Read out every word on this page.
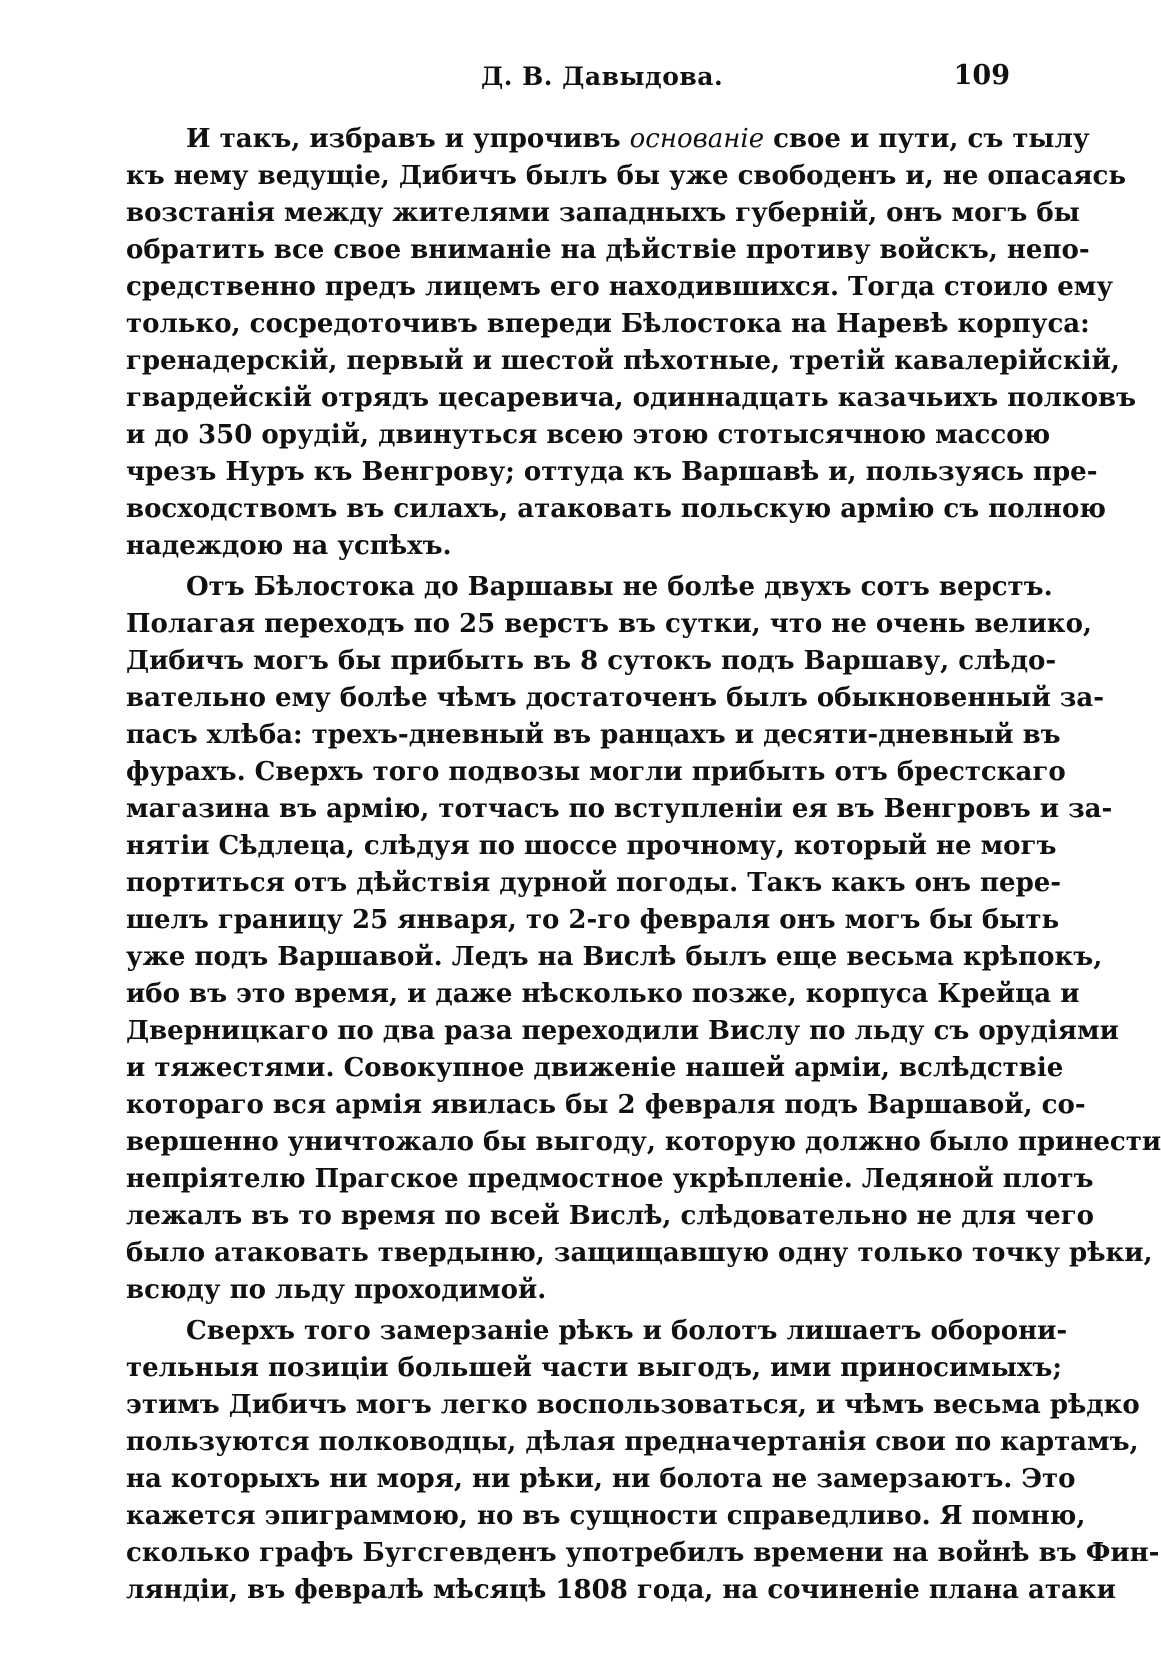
Д. В. Давыдова.	109

И такъ, избравъ и упрочивъ основаніе свое и пути, съ тылу
къ нему ведущіе, Дибичъ былъ бы уже свободенъ и, не опасаясь
возстанія между жителями западныхъ губерній, онъ могъ бы
обратить все свое вниманіе на дѣйствіе противу войскъ, непо-
средственно предъ лицемъ его находившихся. Тогда стоило ему
только, сосредоточивъ впереди Бѣлостока на Наревѣ корпуса:
гренадерскій, первый и шестой пѣхотные, третій кавалерійскій,
гвардейскій отрядъ цесаревича, одиннадцать казачьихъ полковъ
и до 350 орудій, двинуться всею этою стотысячною массою
чрезъ Нуръ къ Венгрову; оттуда къ Варшавѣ и, пользуясь пре-
восходствомъ въ силахъ, атаковать польскую армію съ полною
надеждою на успѣхъ.

Отъ Бѣлостока до Варшавы не болѣе двухъ сотъ верстъ.
Полагая переходъ по 25 верстъ въ сутки, что не очень велико,
Дибичъ могъ бы прибыть въ 8 сутокъ подъ Варшаву, слѣдо-
вательно ему болѣе чѣмъ достаточенъ былъ обыкновенный за-
пасъ хлѣба: трехъ-дневный въ ранцахъ и десяти-дневный въ
фурахъ. Сверхъ того подвозы могли прибыть отъ брестскаго
магазина въ армію, тотчасъ по вступленіи ея въ Венгровъ и за-
нятіи Сѣдлеца, слѣдуя по шоссе прочному, который не могъ
портиться отъ дѣйствія дурной погоды. Такъ какъ онъ пере-
шелъ границу 25 января, то 2-го февраля онъ могъ бы быть
уже подъ Варшавой. Ледъ на Вислѣ былъ еще весьма крѣпокъ,
ибо въ это время, и даже нѣсколько позже, корпуса Крейца и
Дверницкаго по два раза переходили Вислу по льду съ орудіями
и тяжестями. Совокупное движеніе нашей арміи, вслѣдствіе
котораго вся армія явилась бы 2 февраля подъ Варшавой, со-
вершенно уничтожало бы выгоду, которую должно было принести
непріятелю Прагское предмостное укрѣпленіе. Ледяной плотъ
лежалъ въ то время по всей Вислѣ, слѣдовательно не для чего
было атаковать твердыню, защищавшую одну только точку рѣки,
всюду по льду проходимой.

Сверхъ того замерзаніе рѣкъ и болотъ лишаетъ оборони-
тельныя позиціи большей части выгодъ, ими приносимыхъ;
этимъ Дибичъ могъ легко воспользоваться, и чѣмъ весьма рѣдко
пользуются полководцы, дѣлая предначертанія свои по картамъ,
на которыхъ ни моря, ни рѣки, ни болота не замерзаютъ. Это
кажется эпиграммою, но въ сущности справедливо. Я помню,
сколько графъ Бугсгевденъ употребилъ времени на войнѣ въ Фин-
ляндіи, въ февралѣ мѣсяцѣ 1808 года, на сочиненіе плана атаки
